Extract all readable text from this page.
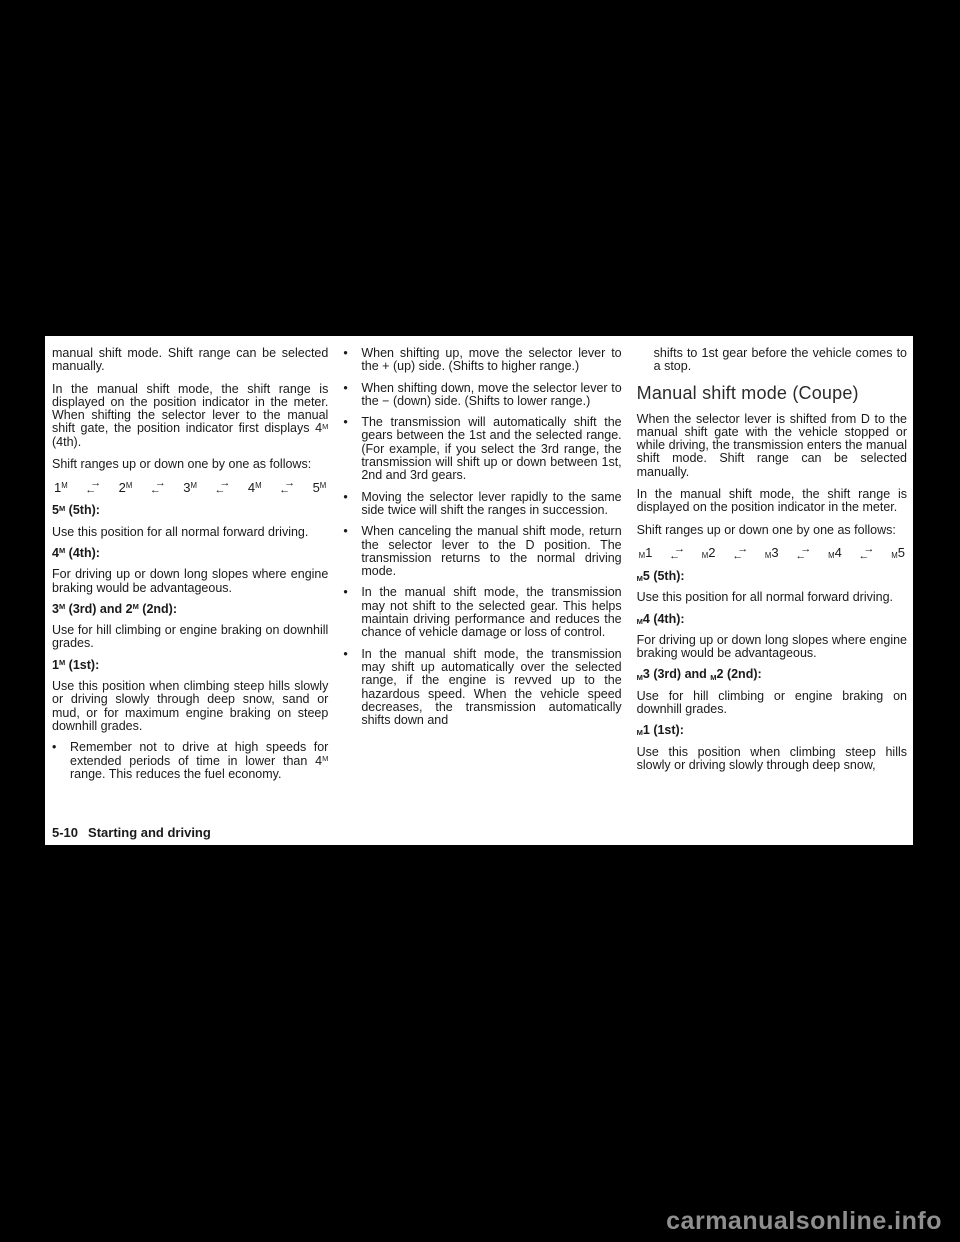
manual shift mode. Shift range can be selected manually.

In the manual shift mode, the shift range is displayed on the position indicator in the meter. When shifting the selector lever to the manual shift gate, the position indicator first displays $4^M$ (4th).

Shift ranges up or down one by one as follows:

$1^M$ →
← $2^M$ →
← $3^M$ →
← $4^M$ →
← $5^M$

$5^M$ (5th):

Use this position for all normal forward driving.

$4^M$ (4th):

For driving up or down long slopes where engine braking would be advantageous.

$3^M$ (3rd) and $2^M$ (2nd):

Use for hill climbing or engine braking on downhill grades.

$1^M$ (1st):

Use this position when climbing steep hills slowly or driving slowly through deep snow, sand or mud, or for maximum engine braking on steep downhill grades.

•	Remember not to drive at high speeds for extended periods of time in lower than $4^M$ range. This reduces the fuel economy.

•	When shifting up, move the selector lever to the + (up) side. (Shifts to higher range.)

•	When shifting down, move the selector lever to the − (down) side. (Shifts to lower range.)

•	The transmission will automatically shift the gears between the 1st and the selected range. (For example, if you select the 3rd range, the transmission will shift up or down between 1st, 2nd and 3rd gears.

•	Moving the selector lever rapidly to the same side twice will shift the ranges in succession.

•	When canceling the manual shift mode, return the selector lever to the D position. The transmission returns to the normal driving mode.

•	In the manual shift mode, the transmission may not shift to the selected gear. This helps maintain driving performance and reduces the chance of vehicle damage or loss of control.

•	In the manual shift mode, the transmission may shift up automatically over the selected range, if the engine is revved up to the hazardous speed. When the vehicle speed decreases, the transmission automatically shifts down and

shifts to 1st gear before the vehicle comes to a stop.

Manual shift mode (Coupe)

When the selector lever is shifted from D to the manual shift gate with the vehicle stopped or while driving, the transmission enters the manual shift mode. Shift range can be selected manually.

In the manual shift mode, the shift range is displayed on the position indicator in the meter.

Shift ranges up or down one by one as follows:

$_M$1 →
←	$_M$2 →
←	$_M$3 →
←	$_M$4 →
←	$_M$5

$_M$5 (5th):

Use this position for all normal forward driving.

$_M$4 (4th):

For driving up or down long slopes where engine braking would be advantageous.

$_M$3 (3rd) and $_M$2 (2nd):

Use for hill climbing or engine braking on downhill grades.

$_M$1 (1st):

Use this position when climbing steep hills slowly or driving slowly through deep snow,

5-10 Starting and driving
carmanualsonline.info
